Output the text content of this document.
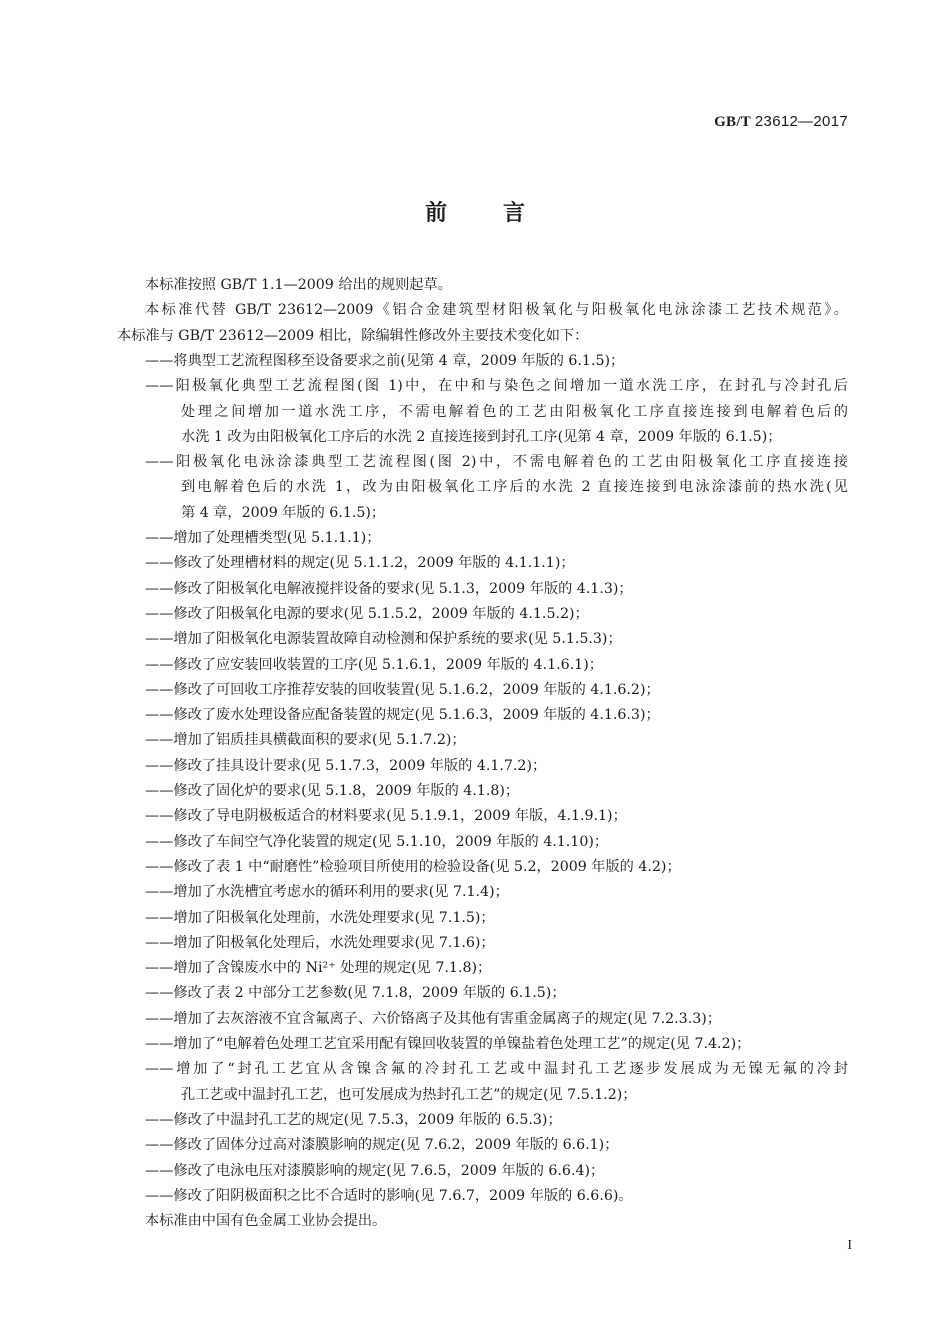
GB/T 23612—2017
前	言
本标准按照 GB/T 1.1—2009 给出的规则起草。
本标准代替 GB/T 23612—2009《铝合金建筑型材阳极氧化与阳极氧化电泳涂漆工艺技术规范》。
本标准与 GB/T 23612—2009 相比，除编辑性修改外主要技术变化如下：
——将典型工艺流程图移至设备要求之前(见第 4 章，2009 年版的 6.1.5)；
——阳极氧化典型工艺流程图(图 1)中，在中和与染色之间增加一道水洗工序，在封孔与冷封孔后
处理之间增加一道水洗工序，不需电解着色的工艺由阳极氧化工序直接连接到电解着色后的
水洗 1 改为由阳极氧化工序后的水洗 2 直接连接到封孔工序(见第 4 章，2009 年版的 6.1.5)；
——阳极氧化电泳涂漆典型工艺流程图(图 2)中，不需电解着色的工艺由阳极氧化工序直接连接
到电解着色后的水洗 1，改为由阳极氧化工序后的水洗 2 直接连接到电泳涂漆前的热水洗(见
第 4 章，2009 年版的 6.1.5)；
——增加了处理槽类型(见 5.1.1.1)；
——修改了处理槽材料的规定(见 5.1.1.2，2009 年版的 4.1.1.1)；
——修改了阳极氧化电解液搅拌设备的要求(见 5.1.3，2009 年版的 4.1.3)；
——修改了阳极氧化电源的要求(见 5.1.5.2，2009 年版的 4.1.5.2)；
——增加了阳极氧化电源装置故障自动检测和保护系统的要求(见 5.1.5.3)；
——修改了应安装回收装置的工序(见 5.1.6.1，2009 年版的 4.1.6.1)；
——修改了可回收工序推荐安装的回收装置(见 5.1.6.2，2009 年版的 4.1.6.2)；
——修改了废水处理设备应配备装置的规定(见 5.1.6.3，2009 年版的 4.1.6.3)；
——增加了铝质挂具横截面积的要求(见 5.1.7.2)；
——修改了挂具设计要求(见 5.1.7.3，2009 年版的 4.1.7.2)；
——修改了固化炉的要求(见 5.1.8，2009 年版的 4.1.8)；
——修改了导电阴极板适合的材料要求(见 5.1.9.1，2009 年版，4.1.9.1)；
——修改了车间空气净化装置的规定(见 5.1.10，2009 年版的 4.1.10)；
——修改了表 1 中“耐磨性”检验项目所使用的检验设备(见 5.2，2009 年版的 4.2)；
——增加了水洗槽宜考虑水的循环利用的要求(见 7.1.4)；
——增加了阳极氧化处理前，水洗处理要求(见 7.1.5)；
——增加了阳极氧化处理后，水洗处理要求(见 7.1.6)；
——增加了含镍废水中的 Ni²⁺ 处理的规定(见 7.1.8)；
——修改了表 2 中部分工艺参数(见 7.1.8，2009 年版的 6.1.5)；
——增加了去灰溶液不宜含氟离子、六价铬离子及其他有害重金属离子的规定(见 7.2.3.3)；
——增加了“电解着色处理工艺宜采用配有镍回收装置的单镍盐着色处理工艺”的规定(见 7.4.2)；
——增加了“封孔工艺宜从含镍含氟的冷封孔工艺或中温封孔工艺逐步发展成为无镍无氟的冷封
孔工艺或中温封孔工艺，也可发展成为热封孔工艺”的规定(见 7.5.1.2)；
——修改了中温封孔工艺的规定(见 7.5.3，2009 年版的 6.5.3)；
——修改了固体分过高对漆膜影响的规定(见 7.6.2，2009 年版的 6.6.1)；
——修改了电泳电压对漆膜影响的规定(见 7.6.5，2009 年版的 6.6.4)；
——修改了阳阴极面积之比不合适时的影响(见 7.6.7，2009 年版的 6.6.6)。
本标准由中国有色金属工业协会提出。
I
